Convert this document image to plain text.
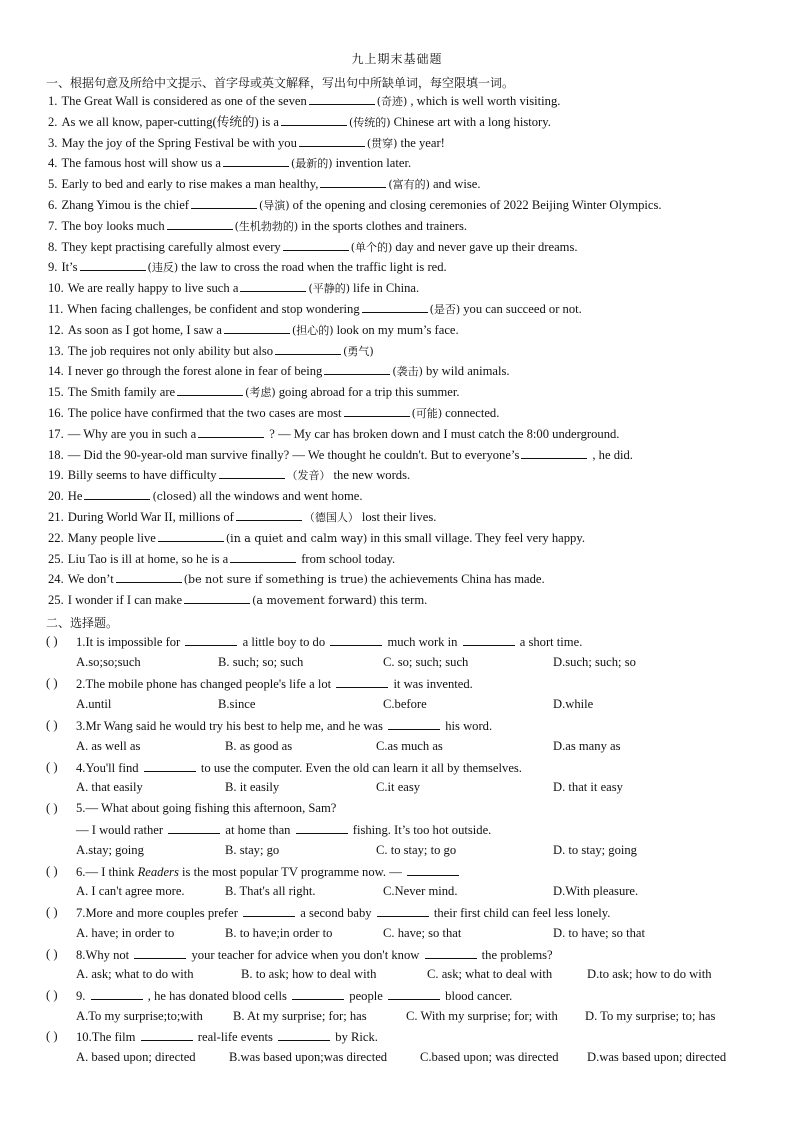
九上期末基础题
一、根据句意及所给中文提示、首字母或英文解释，写出句中所缺单词，每空限填一词。
1. The Great Wall is considered as one of the seven	(奇迹) , which is well worth visiting.
2. As we all know, paper-cutting(传统的) is a	(传统的) Chinese art with a long history.
3. May the joy of the Spring Festival be with you	(贯穿) the year!
4. The famous host will show us a	(最新的) invention later.
5. Early to bed and early to rise makes a man healthy,	(富有的) and wise.
6. Zhang Yimou is the chief	(导演) of the opening and closing ceremonies of 2022 Beijing Winter Olympics.
7. The boy looks much	(生机勃勃的) in the sports clothes and trainers.
8. They kept practising carefully almost every	(单个的) day and never gave up their dreams.
9. It’s	(违反) the law to cross the road when the traffic light is red.
10. We are really happy to live such a	(平静的) life in China.
11. When facing challenges, be confident and stop wondering	(是否) you can succeed or not.
12. As soon as I got home, I saw a	(担心的) look on my mum’s face.
13. The job requires not only ability but also	(勇气)
14. I never go through the forest alone in fear of being	(袭击) by wild animals.
15. The Smith family are	(考虑) going abroad for a trip this summer.
16. The police have confirmed that the two cases are most	(可能) connected.
17. — Why are you in such a	? — My car has broken down and I must catch the 8:00 underground.
18. — Did the 90-year-old man survive finally? — We thought he couldn't. But to everyone’s	, he did.
19. Billy seems to have difficulty	（发音） the new words.
20. He	(closed) all the windows and went home.
21. During World War II, millions of	（德国人） lost their lives.
22. Many people live	(in a quiet and calm way) in this small village. They feel very happy.
25. Liu Tao is ill at home, so he is a	from school today.
24. We don’t	(be not sure if something is true) the achievements China has made.
25. I wonder if I can make	(a movement forward) this term.
二、选择题。
( ) 1.It is impossible for	a little boy to do	much work in	a short time.
A.so;so;such	B. such; so; such	C. so; such; such	D.such; such; so
( ) 2.The mobile phone has changed people's life a lot	it was invented.
A.until	B.since	C.before	D.while
( ) 3.Mr Wang said he would try his best to help me, and he was	his word.
A. as well as	B. as good as	C.as much as	D.as many as
( ) 4.You'll find	to use the computer. Even the old can learn it all by themselves.
A. that easily	B. it easily	C.it easy	D. that it easy
( ) 5.— What about going fishing this afternoon, Sam?
— I would rather	at home than	fishing. It’s too hot outside.
A.stay; going	B. stay; go	C. to stay; to go	D. to stay; going
( ) 6.— I think Readers is the most popular TV programme now. —
A. I can't agree more.	B. That's all right.	C.Never mind.	D.With pleasure.
( ) 7.More and more couples prefer	a second baby	their first child can feel less lonely.
A. have; in order to	B. to have;in order to	C. have; so that	D. to have; so that
( ) 8.Why not	your teacher for advice when you don't know	the problems?
A. ask; what to do with	B. to ask; how to deal with	C. ask; what to deal with	D.to ask; how to do with
( ) 9.	, he has donated blood cells	people	blood cancer.
A.To my surprise;to;with B. At my surprise; for; has	C. With my surprise; for; with D. To my surprise; to; has
( ) 10.The film	real-life events	by Rick.
A. based upon; directed	B.was based upon;was directed	C.based upon; was directed D.was based upon; directed
